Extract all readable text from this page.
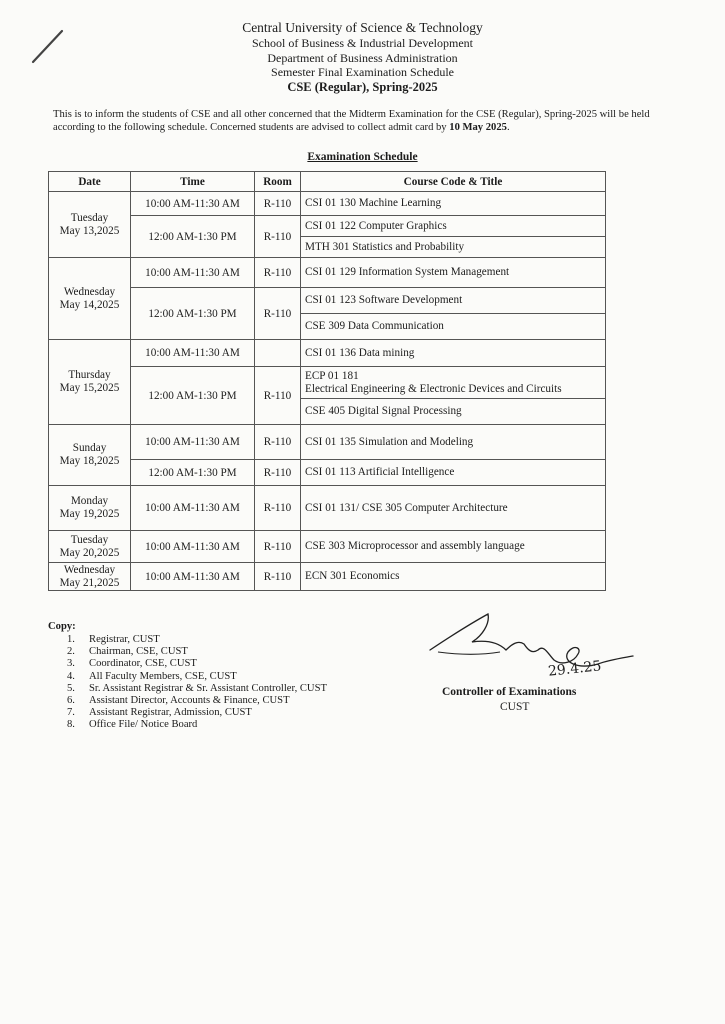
Central University of Science & Technology
School of Business & Industrial Development
Department of Business Administration
Semester Final Examination Schedule
CSE (Regular), Spring-2025
This is to inform the students of CSE and all other concerned that the Midterm Examination for the CSE (Regular), Spring-2025 will be held according to the following schedule. Concerned students are advised to collect admit card by 10 May 2025.
Examination Schedule
Date	Time	Room	Course Code & Title

Tuesday
May 13,2025	10:00 AM-11:30 AM	R-110	CSI 01 130 Machine Learning
	12:00 AM-1:30 PM	R-110	CSI 01 122 Computer Graphics
			MTH 301 Statistics and Probability

Wednesday
May 14,2025	10:00 AM-11:30 AM	R-110	CSI 01 129 Information System Management
	12:00 AM-1:30 PM	R-110	CSI 01 123 Software Development
			CSE 309 Data Communication

Thursday
May 15,2025	10:00 AM-11:30 AM		CSI 01 136 Data mining
	12:00 AM-1:30 PM	R-110	ECP 01 181
Electrical Engineering & Electronic Devices and Circuits
			CSE 405 Digital Signal Processing

Sunday
May 18,2025	10:00 AM-11:30 AM	R-110	CSI 01 135 Simulation and Modeling
	12:00 AM-1:30 PM	R-110	CSI 01 113 Artificial Intelligence

Monday
May 19,2025	10:00 AM-11:30 AM	R-110	CSI 01 131/ CSE 305 Computer Architecture

Tuesday
May 20,2025	10:00 AM-11:30 AM	R-110	CSE 303 Microprocessor and assembly language

Wednesday
May 21,2025	10:00 AM-11:30 AM	R-110	ECN 301 Economics
Copy:
1. Registrar, CUST
2. Chairman, CSE, CUST
3. Coordinator, CSE, CUST
4. All Faculty Members, CSE, CUST
5. Sr. Assistant Registrar & Sr. Assistant Controller, CUST
6. Assistant Director, Accounts & Finance, CUST
7. Assistant Registrar, Admission, CUST
8. Office File/ Notice Board
29.4.25
Controller of Examinations
CUST
